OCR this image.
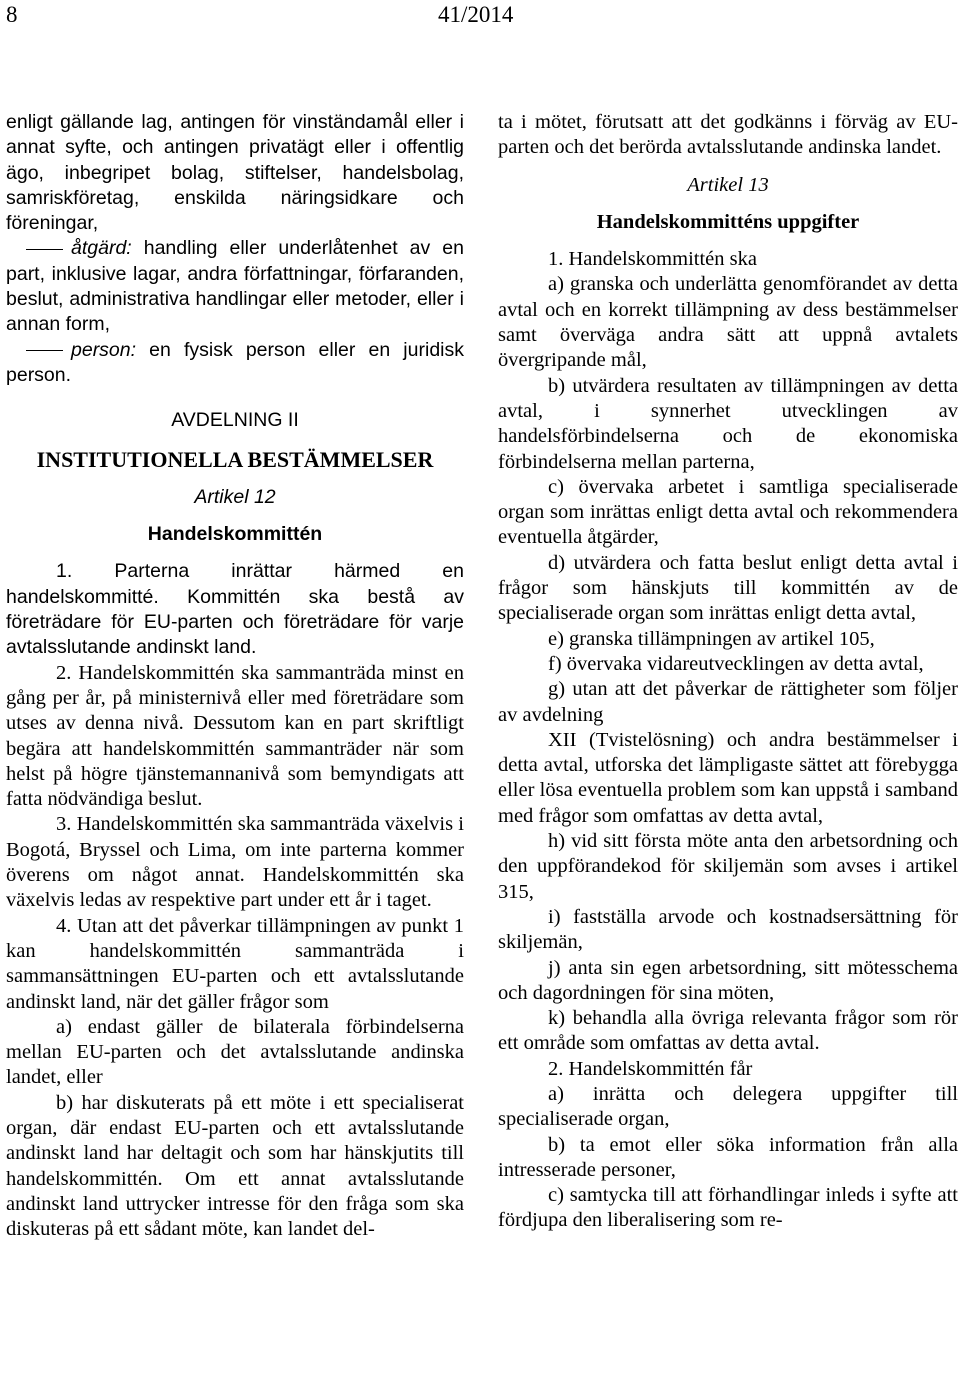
8	41/2014

enligt gällande lag, antingen för vinständamål eller i annat syfte, och antingen privatägt eller i offentlig ägo, inbegripet bolag, stiftelser, handelsbolag, samriskföretag, enskilda näringsidkare och föreningar,

åtgärd: handling eller underlåtenhet av en part, inklusive lagar, andra författningar, förfaranden, beslut, administrativa handlingar eller metoder, eller i annan form,

person: en fysisk person eller en juridisk person.

AVDELNING II

INSTITUTIONELLA BESTÄMMELSER

Artikel 12

Handelskommittén

1. Parterna inrättar härmed en handelskommitté. Kommittén ska bestå av företrädare för EU-parten och företrädare för varje avtalsslutande andinskt land.

2. Handelskommittén ska sammanträda minst en gång per år, på ministernivå eller med företrädare som utses av denna nivå. Dessutom kan en part skriftligt begära att handelskommittén sammanträder när som helst på högre tjänstemannanivå som bemyndigats att fatta nödvändiga beslut.

3. Handelskommittén ska sammanträda växelvis i Bogotá, Bryssel och Lima, om inte parterna kommer överens om något annat. Handelskommittén ska växelvis ledas av respektive part under ett år i taget.

4. Utan att det påverkar tillämpningen av punkt 1 kan handelskommittén sammanträda i sammansättningen EU-parten och ett avtalsslutande andinskt land, när det gäller frågor som

a) endast gäller de bilaterala förbindelserna mellan EU-parten och det avtalsslutande andinska landet, eller

b) har diskuterats på ett möte i ett specialiserat organ, där endast EU-parten och ett avtalsslutande andinskt land har deltagit och som har hänskjutits till handelskommittén. Om ett annat avtalsslutande andinskt land uttrycker intresse för den fråga som ska diskuteras på ett sådant möte, kan landet del-

ta i mötet, förutsatt att det godkänns i förväg av EU-parten och det berörda avtalsslutande andinska landet.

Artikel 13

Handelskommitténs uppgifter

1. Handelskommittén ska

a) granska och underlätta genomförandet av detta avtal och en korrekt tillämpning av dess bestämmelser samt överväga andra sätt att uppnå avtalets övergripande mål,

b) utvärdera resultaten av tillämpningen av detta avtal, i synnerhet utvecklingen av handelsförbindelserna och de ekonomiska förbindelserna mellan parterna,

c) övervaka arbetet i samtliga specialiserade organ som inrättas enligt detta avtal och rekommendera eventuella åtgärder,

d) utvärdera och fatta beslut enligt detta avtal i frågor som hänskjuts till kommittén av de specialiserade organ som inrättas enligt detta avtal,

e) granska tillämpningen av artikel 105,

f) övervaka vidareutvecklingen av detta avtal,

g) utan att det påverkar de rättigheter som följer av avdelning

XII (Tvistelösning) och andra bestämmelser i detta avtal, utforska det lämpligaste sättet att förebygga eller lösa eventuella problem som kan uppstå i samband med frågor som omfattas av detta avtal,

h) vid sitt första möte anta den arbetsordning och den uppförandekod för skiljemän som avses i artikel 315,

i) fastställa arvode och kostnadsersättning för skiljemän,

j) anta sin egen arbetsordning, sitt mötesschema och dagordningen för sina möten,

k) behandla alla övriga relevanta frågor som rör ett område som omfattas av detta avtal.

2. Handelskommittén får

a) inrätta och delegera uppgifter till specialiserade organ,

b) ta emot eller söka information från alla intresserade personer,

c) samtycka till att förhandlingar inleds i syfte att fördjupa den liberalisering som re-
